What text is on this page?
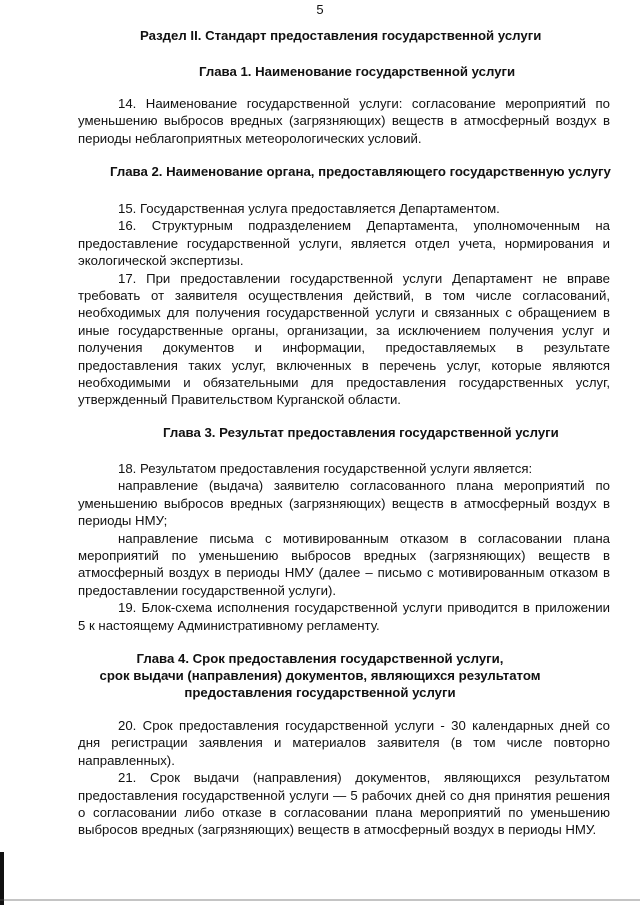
5
Раздел II. Стандарт предоставления государственной услуги
Глава 1. Наименование государственной услуги

14. Наименование государственной услуги: согласование мероприятий по уменьшению выбросов вредных (загрязняющих) веществ в атмосферный воздух в периоды неблагоприятных метеорологических условий.

Глава 2. Наименование органа, предоставляющего государственную услугу

15. Государственная услуга предоставляется Департаментом.

16. Структурным подразделением Департамента, уполномоченным на предоставление государственной услуги, является отдел учета, нормирования и экологической экспертизы.

17. При предоставлении государственной услуги Департамент не вправе требовать от заявителя осуществления действий, в том числе согласований, необходимых для получения государственной услуги и связанных с обращением в иные государственные органы, организации, за исключением получения услуг и получения документов и информации, предоставляемых в результате предоставления таких услуг, включенных в перечень услуг, которые являются необходимыми и обязательными для предоставления государственных услуг, утвержденный Правительством Курганской области.

Глава 3. Результат предоставления государственной услуги

18. Результатом предоставления государственной услуги является:

направление (выдача) заявителю согласованного плана мероприятий по уменьшению выбросов вредных (загрязняющих) веществ в атмосферный воздух в периоды НМУ;

направление письма с мотивированным отказом в согласовании плана мероприятий по уменьшению выбросов вредных (загрязняющих) веществ в атмосферный воздух в периоды НМУ (далее – письмо с мотивированным отказом в предоставлении государственной услуги).

19. Блок-схема исполнения государственной услуги приводится в приложении 5 к настоящему Административному регламенту.

Глава 4. Срок предоставления государственной услуги,
срок выдачи (направления) документов, являющихся результатом
предоставления государственной услуги

20. Срок предоставления государственной услуги - 30 календарных дней со дня регистрации заявления и материалов заявителя (в том числе повторно направленных).

21. Срок выдачи (направления) документов, являющихся результатом предоставления государственной услуги — 5 рабочих дней со дня принятия решения о согласовании либо отказе в согласовании плана мероприятий по уменьшению выбросов вредных (загрязняющих) веществ в атмосферный воздух в периоды НМУ.
